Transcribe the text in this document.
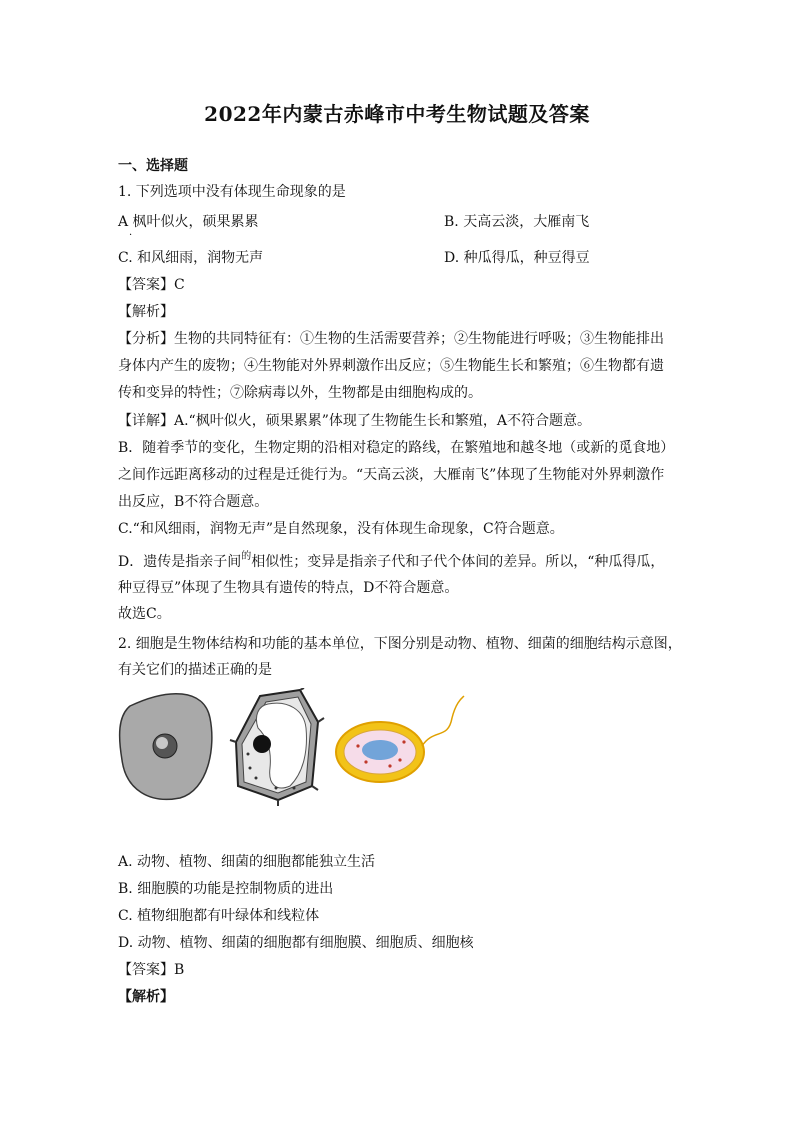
2022年内蒙古赤峰市中考生物试题及答案
一、选择题
1. 下列选项中没有体现生命现象的是
A 枫叶似火，硕果累累
·
B. 天高云淡，大雁南飞
C. 和风细雨，润物无声	D. 种瓜得瓜，种豆得豆
【答案】C
【解析】
【分析】生物的共同特征有：①生物的生活需要营养；②生物能进行呼吸；③生物能排出
身体内产生的废物；④生物能对外界刺激作出反应；⑤生物能生长和繁殖；⑥生物都有遗
传和变异的特性；⑦除病毒以外，生物都是由细胞构成的。
【详解】A.“枫叶似火，硕果累累”体现了生物能生长和繁殖，A不符合题意。
B．随着季节的变化，生物定期的沿相对稳定的路线，在繁殖地和越冬地（或新的觅食地）
之间作远距离移动的过程是迁徙行为。“天高云淡，大雁南飞”体现了生物能对外界刺激作
出反应，B不符合题意。
C.“和风细雨，润物无声”是自然现象，没有体现生命现象，C符合题意。
D．遗传是指亲子间$^的$相似性；变异是指亲子代和子代个体间的差异。所以，“种瓜得瓜，
种豆得豆”体现了生物具有遗传的特点，D不符合题意。
故选C。
2. 细胞是生物体结构和功能的基本单位，下图分别是动物、植物、细菌的细胞结构示意图，
有关它们的描述正确的是
A. 动物、植物、细菌的细胞都能独立生活
B. 细胞膜的功能是控制物质的进出
C. 植物细胞都有叶绿体和线粒体
D. 动物、植物、细菌的细胞都有细胞膜、细胞质、细胞核
【答案】B
【解析】
